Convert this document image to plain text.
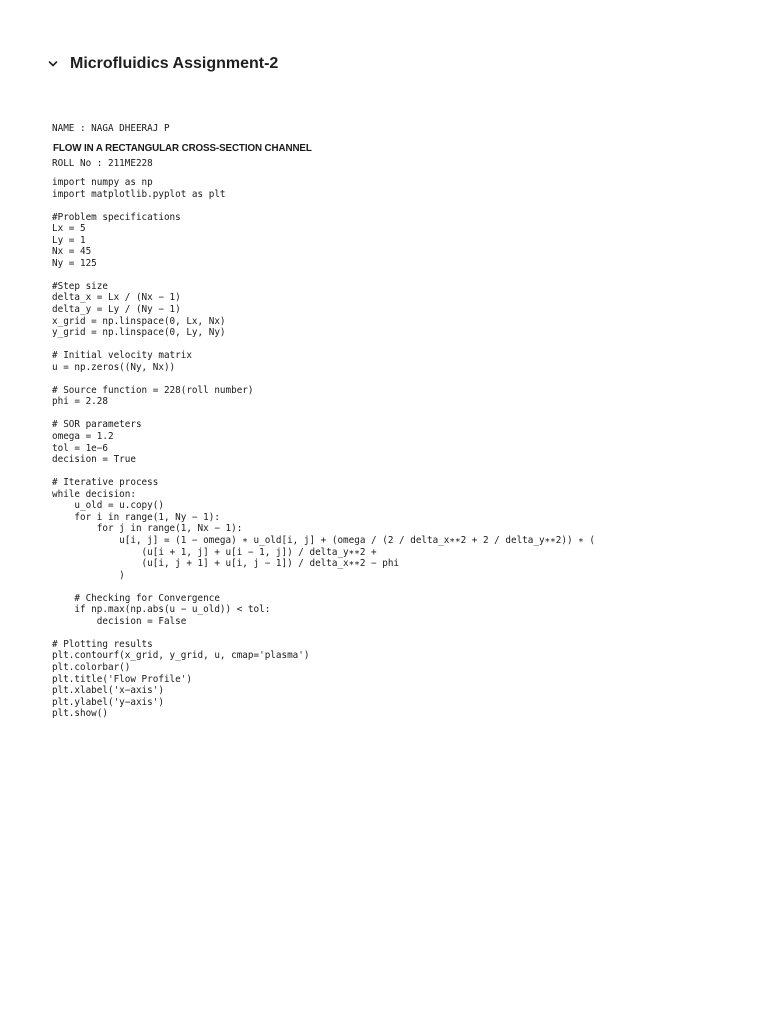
Microfluidics Assignment-2

NAME : NAGA DHEERAJ P

ROLL No : 211ME228

FLOW IN A RECTANGULAR CROSS-SECTION CHANNEL
import numpy as np
import matplotlib.pyplot as plt
#Problem specifications
Lx = 5
Ly = 1
Nx = 45
Ny = 125
#Step size
delta_x = Lx / (Nx − 1)
delta_y = Ly / (Ny − 1)
x_grid = np.linspace(0, Lx, Nx)
y_grid = np.linspace(0, Ly, Ny)
# Initial velocity matrix
u = np.zeros((Ny, Nx))
# Source function = 228(roll number)
phi = 2.28
# SOR parameters
omega = 1.2
tol = 1e−6
decision = True
# Iterative process
while decision:
u_old = u.copy()
for i in range(1, Ny − 1):
for j in range(1, Nx − 1):
u[i, j] = (1 − omega) ∗ u_old[i, j] + (omega / (2 / delta_x∗∗2 + 2 / delta_y∗∗2)) ∗ (
(u[i + 1, j] + u[i − 1, j]) / delta_y∗∗2 +
(u[i, j + 1] + u[i, j − 1]) / delta_x∗∗2 − phi
)
# Checking for Convergence
if np.max(np.abs(u − u_old)) < tol:
decision = False
# Plotting results
plt.contourf(x_grid, y_grid, u, cmap='plasma')
plt.colorbar()
plt.title('Flow Profile')
plt.xlabel('x−axis')
plt.ylabel('y−axis')
plt.show()
